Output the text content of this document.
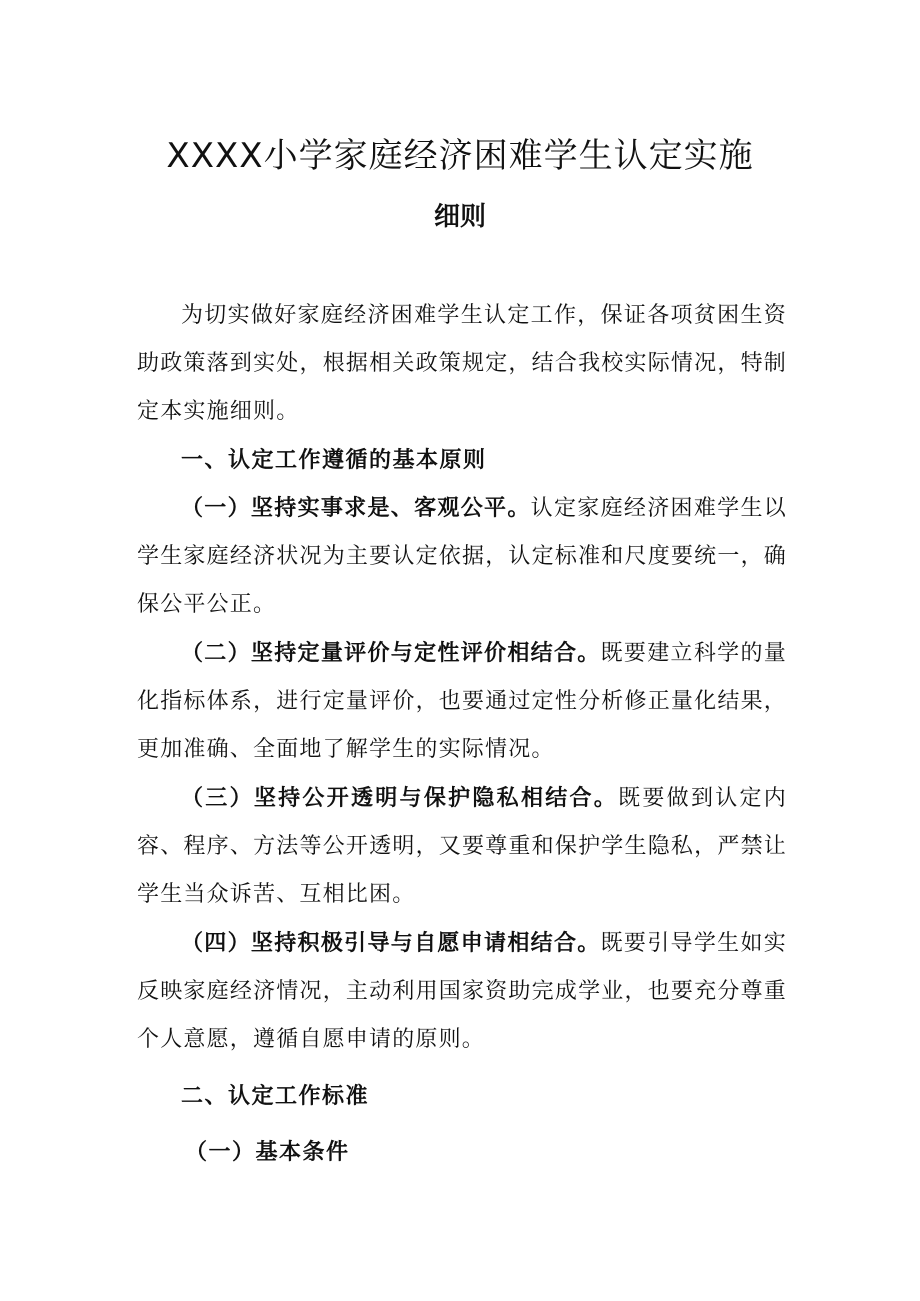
XXXX小学家庭经济困难学生认定实施
细则

为切实做好家庭经济困难学生认定工作，保证各项贫困生资助政策落到实处，根据相关政策规定，结合我校实际情况，特制定本实施细则。

一、认定工作遵循的基本原则

（一）坚持实事求是、客观公平。认定家庭经济困难学生以学生家庭经济状况为主要认定依据，认定标准和尺度要统一，确保公平公正。

（二）坚持定量评价与定性评价相结合。既要建立科学的量化指标体系，进行定量评价，也要通过定性分析修正量化结果，更加准确、全面地了解学生的实际情况。

（三）坚持公开透明与保护隐私相结合。既要做到认定内容、程序、方法等公开透明，又要尊重和保护学生隐私，严禁让学生当众诉苦、互相比困。

（四）坚持积极引导与自愿申请相结合。既要引导学生如实反映家庭经济情况，主动利用国家资助完成学业，也要充分尊重个人意愿，遵循自愿申请的原则。

二、认定工作标准

（一）基本条件
